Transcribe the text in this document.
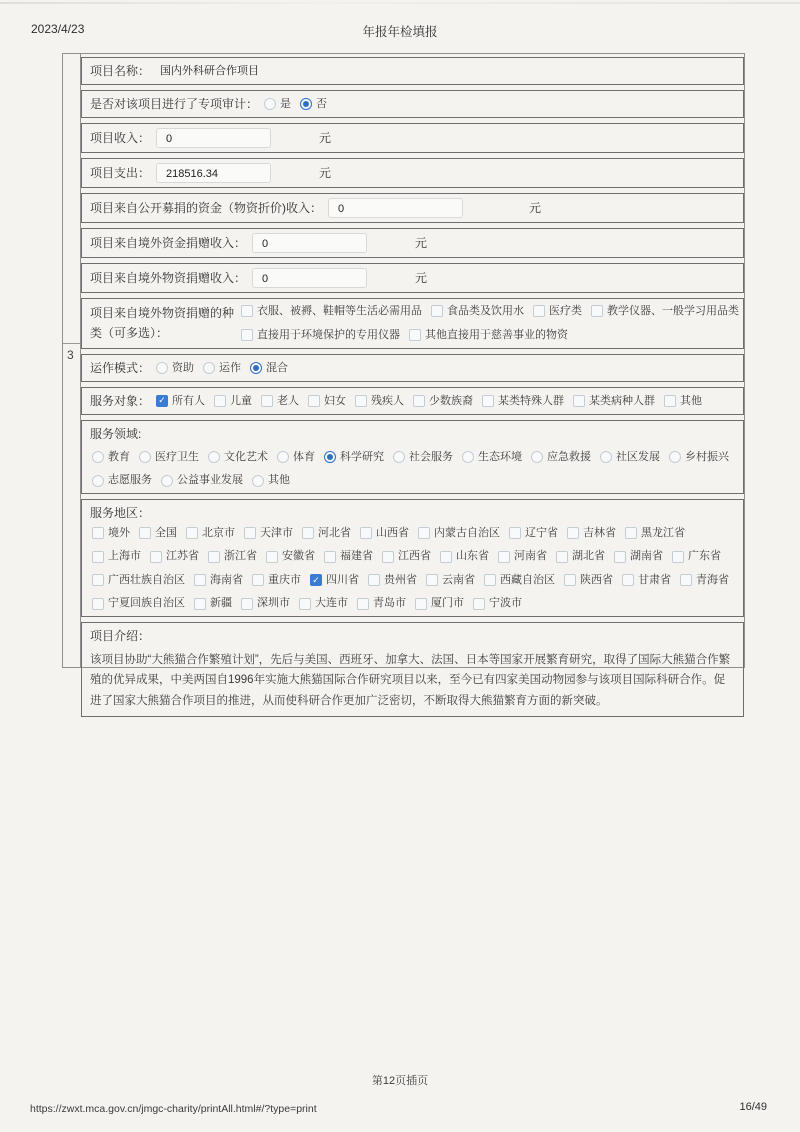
2023/4/23	年报年检填报
3
项目名称： 国内外科研合作项目
是否对该项目进行了专项审计： 是 否
项目收入：	0	元
项目支出：	218516.34	元
项目来自公开募捐的资金（物资折价)收入：	0	元
项目来自境外资金捐赠收入：	0	元
项目来自境外物资捐赠收入：	0	元
项目来自境外物资捐赠的种类（可多选）：
衣服、被褥、鞋帽等生活必需用品 食品类及饮用水 医疗类 教学仪器、一般学习用品类
直接用于环境保护的专用仪器 其他直接用于慈善事业的物资
运作模式： 资助 运作 混合
服务对象： ✓ 所有人 儿童 老人 妇女 残疾人 少数族裔 某类特殊人群 某类病种人群 其他
服务领域:
教育 医疗卫生 文化艺术 体育 科学研究 社会服务 生态环境 应急救援 社区发展 乡村振兴
志愿服务 公益事业发展 其他
服务地区：
境外 全国 北京市 天津市 河北省 山西省 内蒙古自治区 辽宁省 吉林省 黑龙江省
上海市 江苏省 浙江省 安徽省 福建省 江西省 山东省 河南省 湖北省 湖南省 广东省
广西壮族自治区 海南省 重庆市 ✓ 四川省 贵州省 云南省 西藏自治区 陕西省 甘肃省 青海省
宁夏回族自治区 新疆 深圳市 大连市 青岛市 厦门市 宁波市
项目介绍：
该项目协助“大熊猫合作繁殖计划”，先后与美国、西班牙、加拿大、法国、日本等国家开展繁育研究，取得了国际大熊猫合作繁殖的优异成果，中美两国自1996年实施大熊猫国际合作研究项目以来，至今已有四家美国动物园参与该项目国际科研合作。促进了国家大熊猫合作项目的推进，从而使科研合作更加广泛密切，不断取得大熊猫繁育方面的新突破。
第12页插页
https://zwxt.mca.gov.cn/jmgc-charity/printAll.html#/?type=print	16/49
